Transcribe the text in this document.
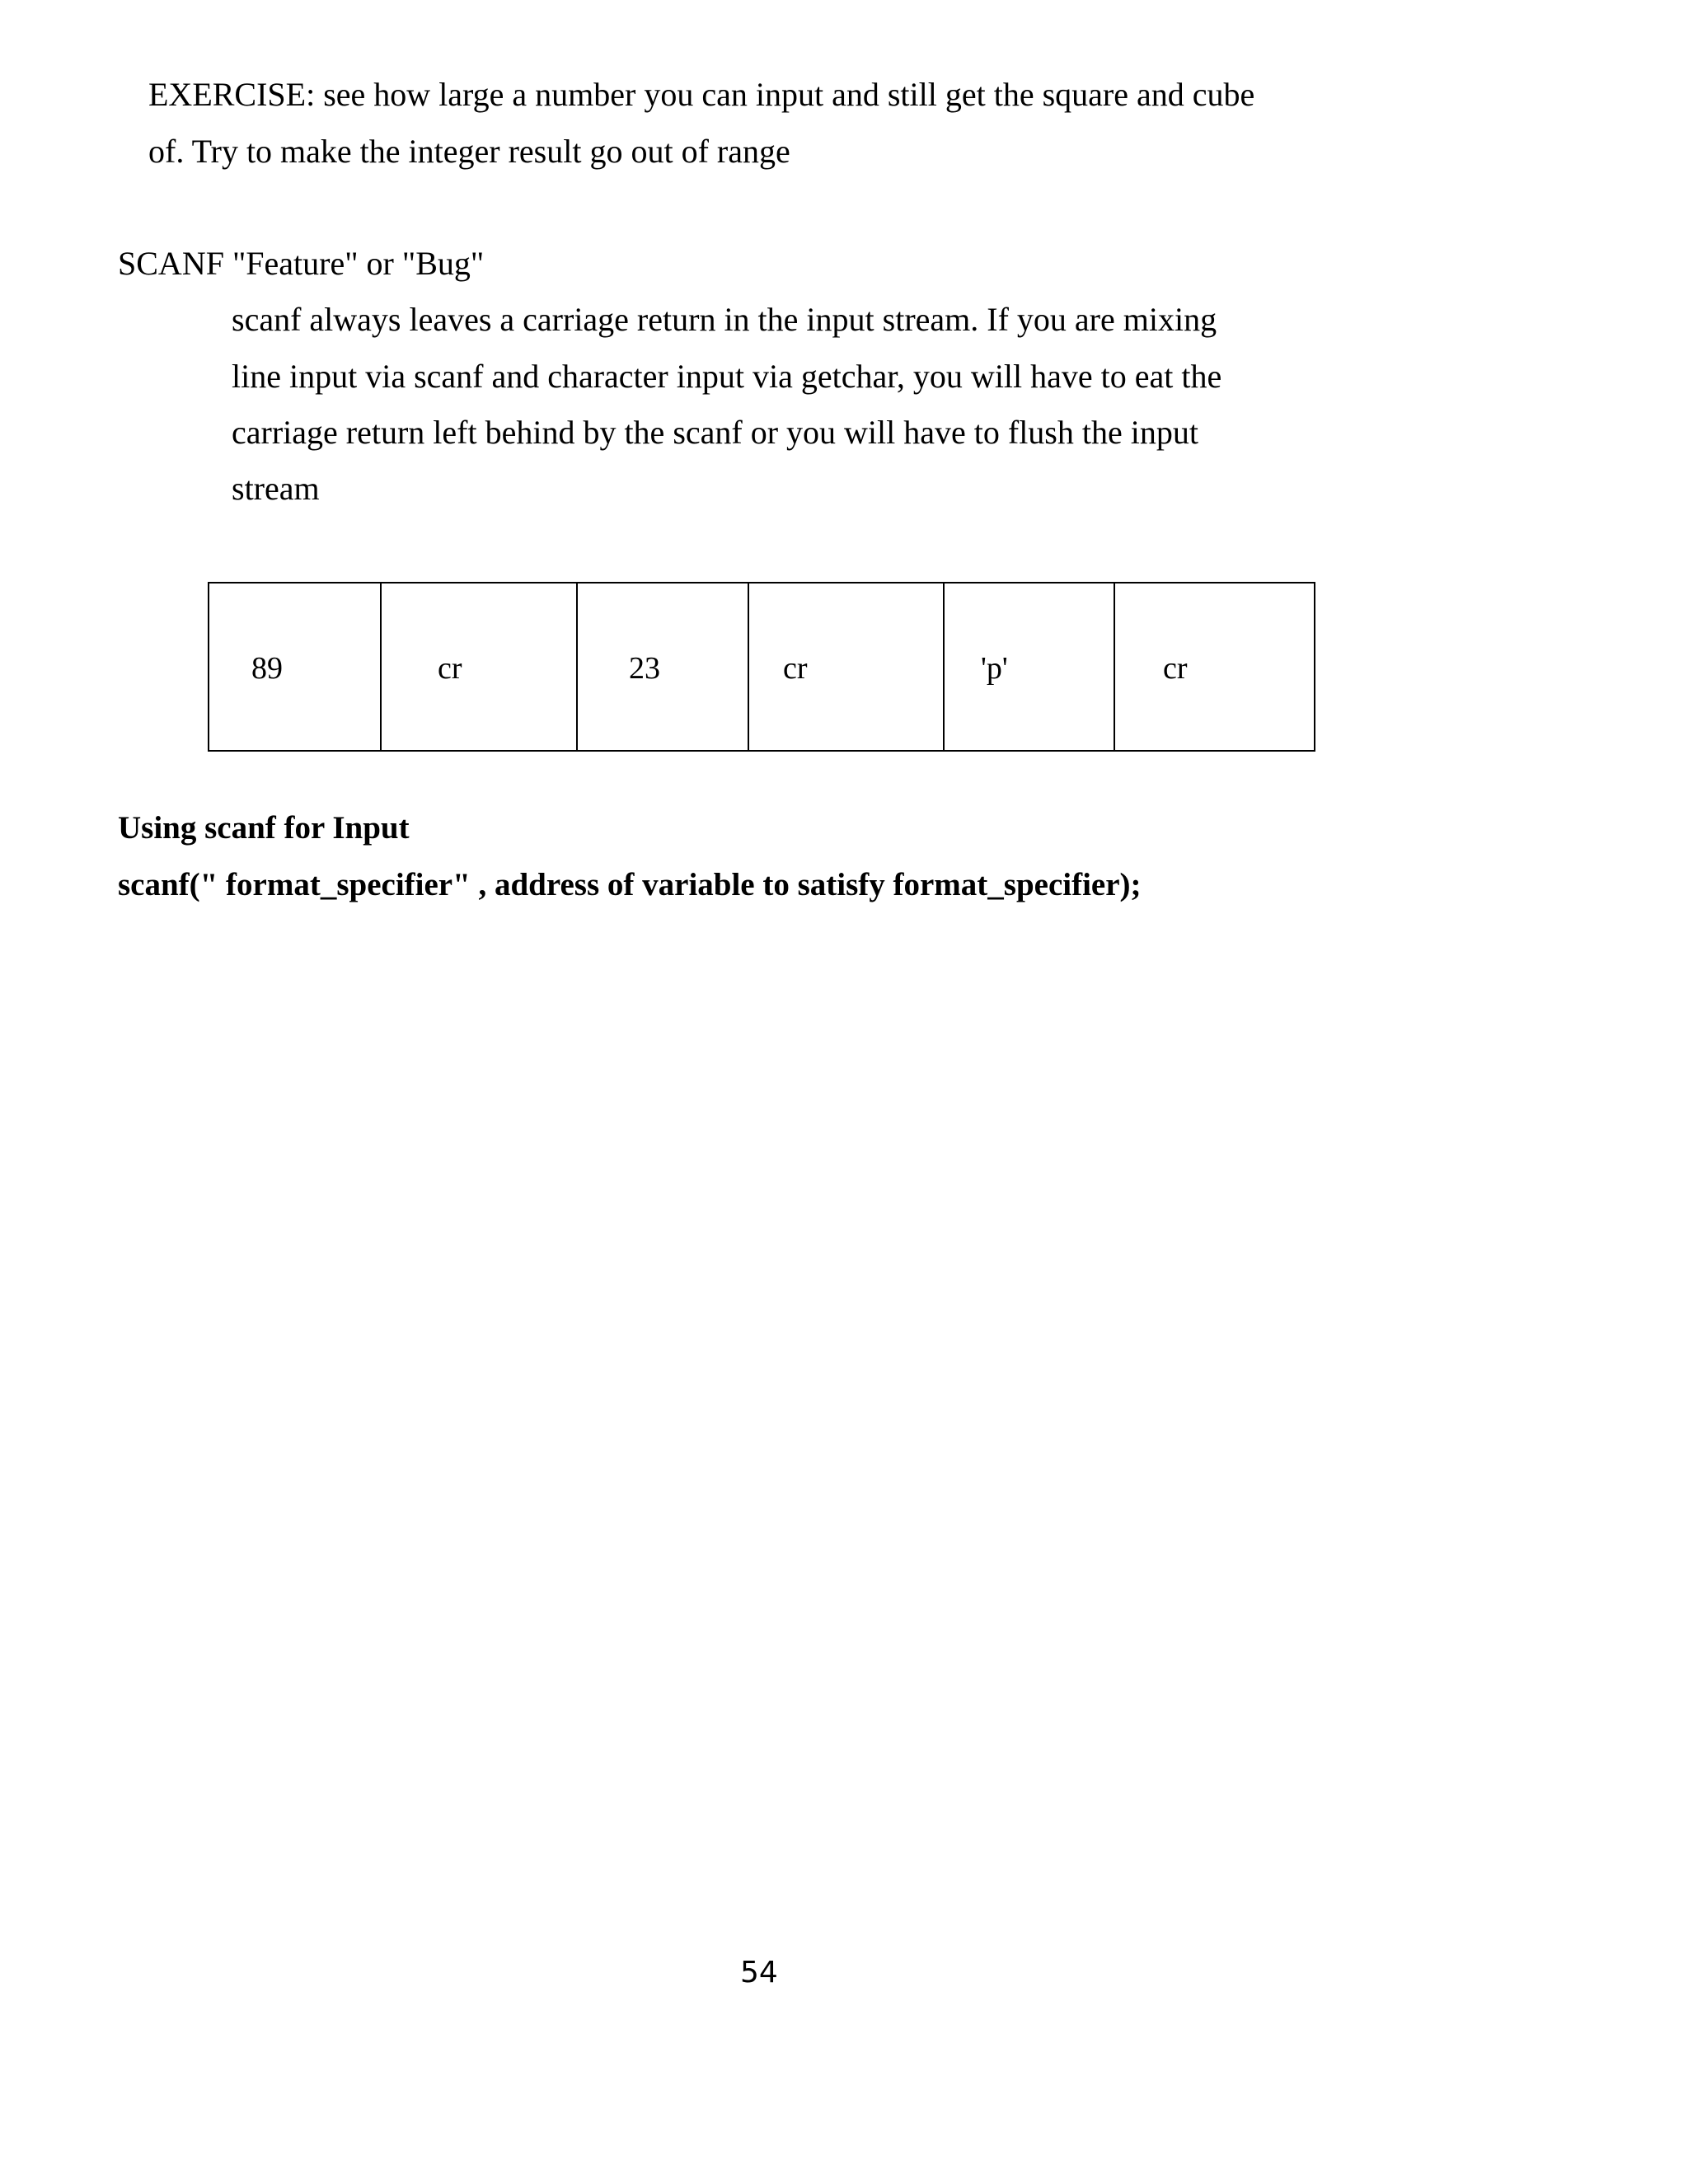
EXERCISE: see how large a number you can input and still get the square and cube
of. Try to make the integer result go out of range
SCANF "Feature" or "Bug"
scanf always leaves a carriage return in the input stream. If you are mixing
line input via scanf and character input via getchar, you will have to eat the
carriage return left behind by the scanf or you will have to flush the input
stream
89	cr	23	cr	'p'	cr
Using scanf for Input
scanf(" format_specifier" , address of variable to satisfy format_specifier);
54
